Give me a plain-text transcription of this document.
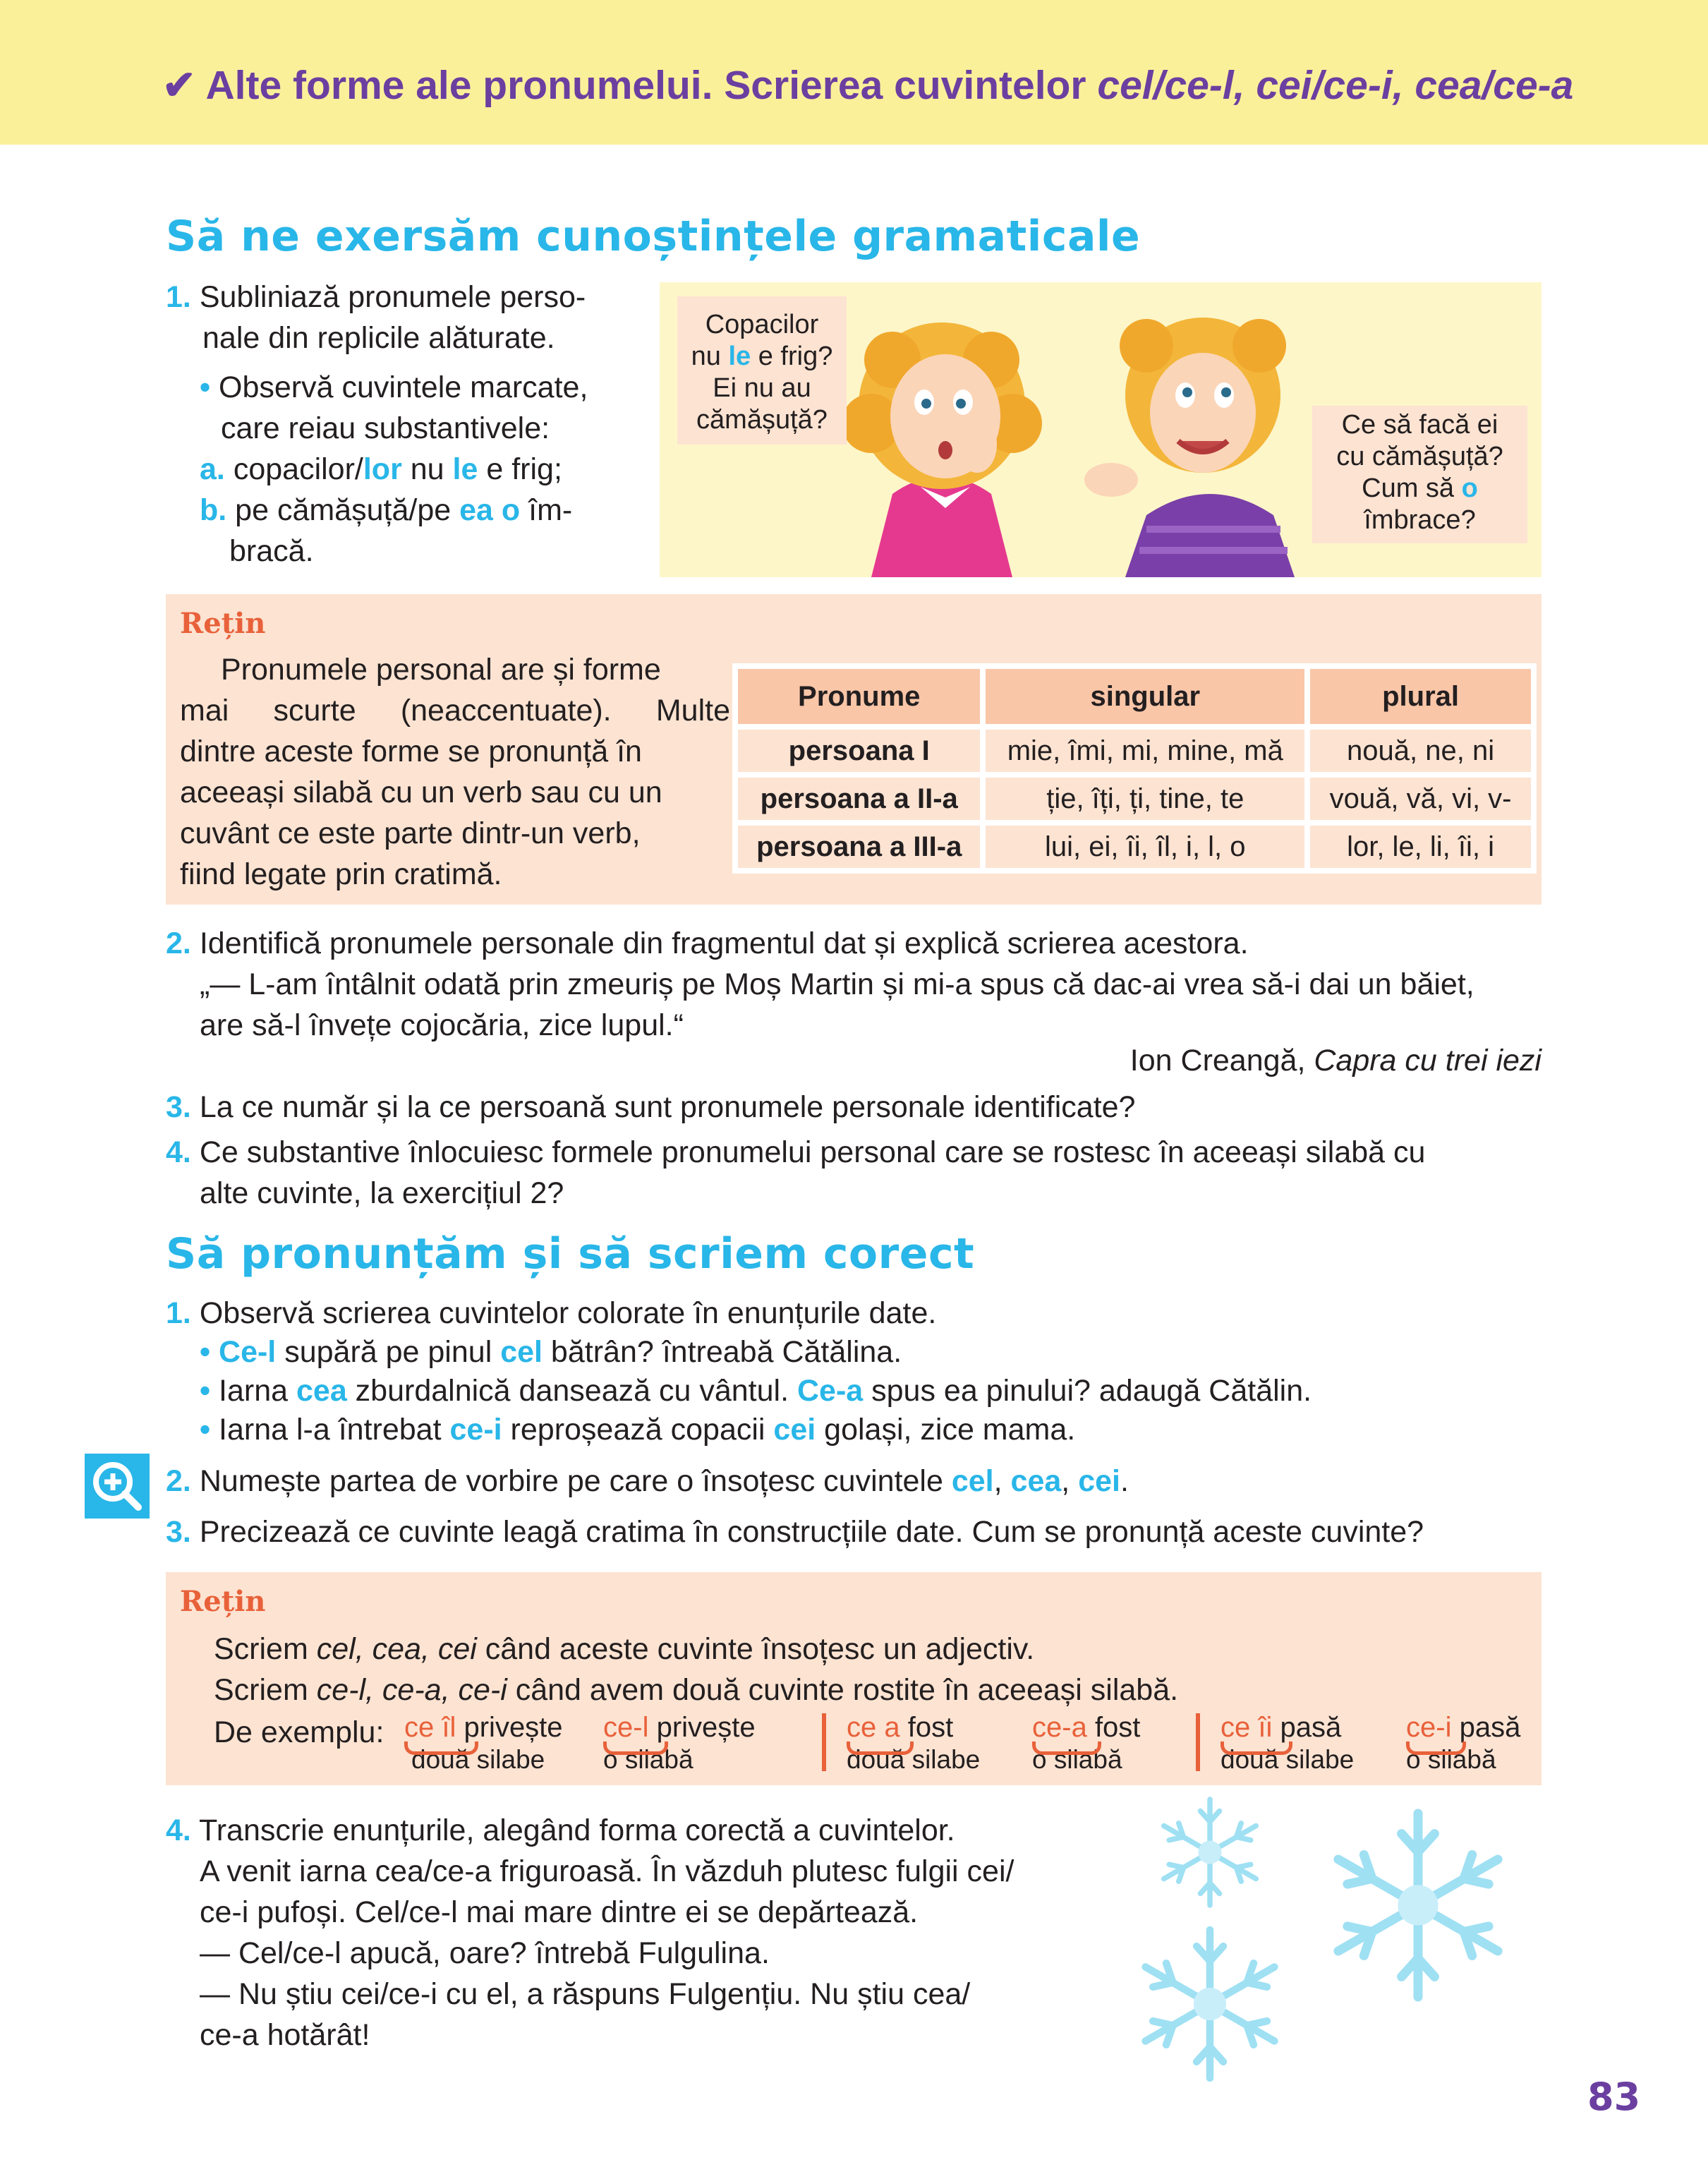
✔ Alte forme ale pronumelui. Scrierea cuvintelor cel/ce-l, cei/ce-i, cea/ce-a
Să ne exersăm cunoștințele gramaticale
1. Subliniază pronumele perso-
nale din replicile alăturate.
• Observă cuvintele marcate,
care reiau substantivele:
a. copacilor/lor nu le e frig;
b. pe cămășuță/pe ea o îm-
bracă.
Copacilor
nu le e frig?
Ei nu au
cămășuță?	Ce să facă ei
cu cămășuță?
Cum să o
îmbrace?
Rețin
Pronumele personal are și forme
mai scurte (neaccentuate). Multe
dintre aceste forme se pronunță în
aceeași silabă cu un verb sau cu un
cuvânt ce este parte dintr-un verb,
fiind legate prin cratimă.
Pronume	singular	plural
persoana I	mie, îmi, mi, mine, mă	nouă, ne, ni
persoana a II-a	ție, îți, ți, tine, te	vouă, vă, vi, v-
persoana a III-a	lui, ei, îi, îl, i, l, o	lor, le, li, îi, i
2. Identifică pronumele personale din fragmentul dat și explică scrierea acestora.
„— L-am întâlnit odată prin zmeuriș pe Moș Martin și mi-a spus că dac-ai vrea să-i dai un băiet,
are să-l învețe cojocăria, zice lupul.“
Ion Creangă, Capra cu trei iezi
3. La ce număr și la ce persoană sunt pronumele personale identificate?
4. Ce substantive înlocuiesc formele pronumelui personal care se rostesc în aceeași silabă cu
alte cuvinte, la exercițiul 2?
Să pronunțăm și să scriem corect
1. Observă scrierea cuvintelor colorate în enunțurile date.
• Ce-l supără pe pinul cel bătrân? întreabă Cătălina.
• Iarna cea zburdalnică dansează cu vântul. Ce-a spus ea pinului? adaugă Cătălin.
• Iarna l-a întrebat ce-i reproșează copacii cei golași, zice mama.
2. Numește partea de vorbire pe care o însoțesc cuvintele cel, cea, cei.
3. Precizează ce cuvinte leagă cratima în construcțiile date. Cum se pronunță aceste cuvinte?
Rețin
Scriem cel, cea, cei când aceste cuvinte însoțesc un adjectiv.
Scriem ce-l, ce-a, ce-i când avem două cuvinte rostite în aceeași silabă.
De exemplu: ce îl privește
două silabe
ce-l privește
o silabă
ce a fost
două silabe
ce-a fost
o silabă
ce îi pasă
două silabe
ce-i pasă
o silabă
4. Transcrie enunțurile, alegând forma corectă a cuvintelor.
A venit iarna cea/ce-a friguroasă. În văzduh plutesc fulgii cei/
ce-i pufoși. Cel/ce-l mai mare dintre ei se depărtează.
— Cel/ce-l apucă, oare? întrebă Fulgulina.
— Nu știu cei/ce-i cu el, a răspuns Fulgențiu. Nu știu cea/
ce-a hotărât!
83
